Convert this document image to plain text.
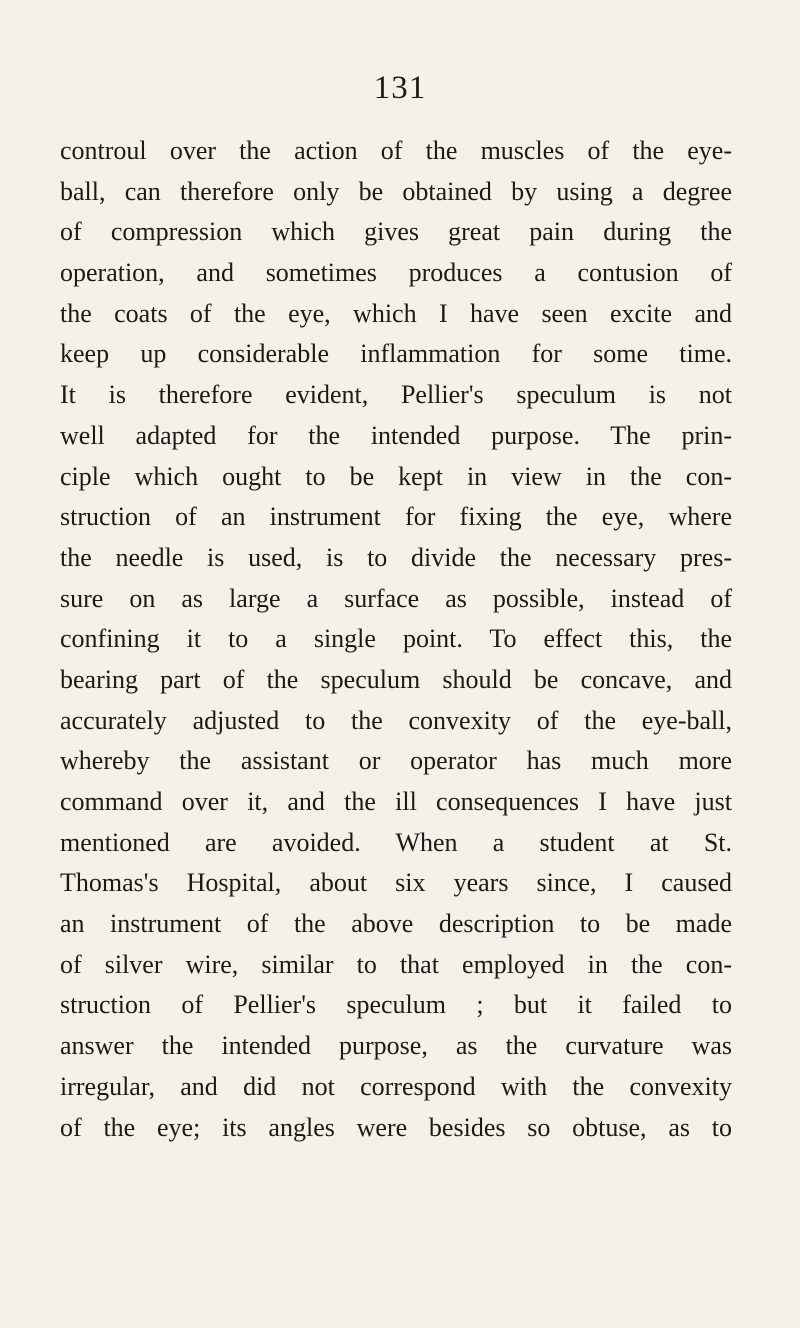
131
controul over the action of the muscles of the eye-
ball, can therefore only be obtained by using a degree
of compression which gives great pain during the
operation, and sometimes produces a contusion of
the coats of the eye, which I have seen excite and
keep up considerable inflammation for some time.
It is therefore evident, Pellier's speculum is not
well adapted for the intended purpose. The prin-
ciple which ought to be kept in view in the con-
struction of an instrument for fixing the eye, where
the needle is used, is to divide the necessary pres-
sure on as large a surface as possible, instead of
confining it to a single point. To effect this, the
bearing part of the speculum should be concave, and
accurately adjusted to the convexity of the eye-ball,
whereby the assistant or operator has much more
command over it, and the ill consequences I have just
mentioned are avoided. When a student at St.
Thomas's Hospital, about six years since, I caused
an instrument of the above description to be made
of silver wire, similar to that employed in the con-
struction of Pellier's speculum ; but it failed to
answer the intended purpose, as the curvature was
irregular, and did not correspond with the convexity
of the eye; its angles were besides so obtuse, as to
